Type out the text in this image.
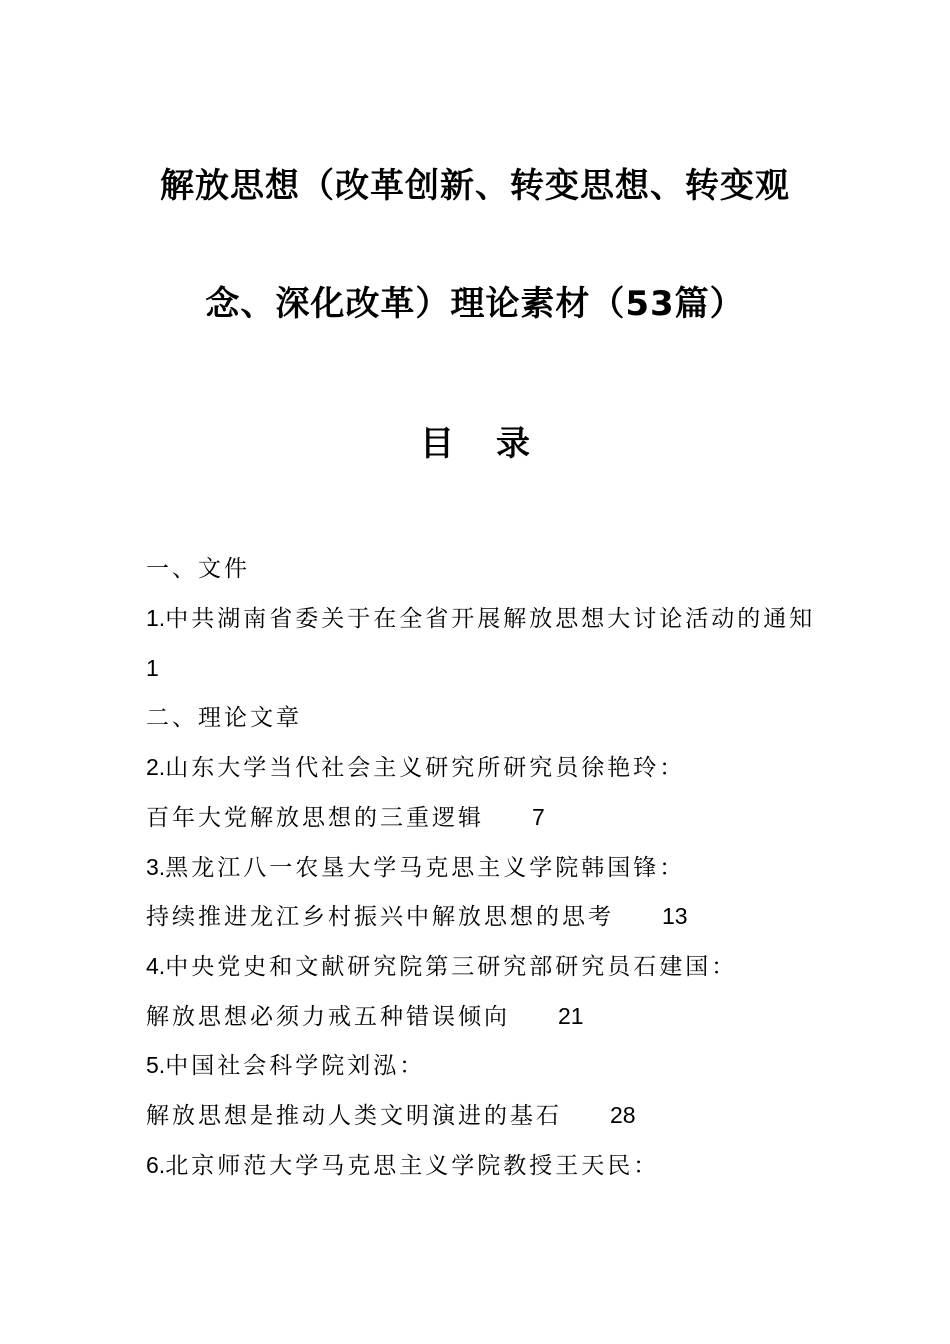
解放思想（改革创新、转变思想、转变观
念、深化改革）理论素材（53篇）
目 录
一、文件
1.中共湖南省委关于在全省开展解放思想大讨论活动的通知
1
二、理论文章
2.山东大学当代社会主义研究所研究员徐艳玲：
百年大党解放思想的三重逻辑 7
3.黑龙江八一农垦大学马克思主义学院韩国锋：
持续推进龙江乡村振兴中解放思想的思考 13
4.中央党史和文献研究院第三研究部研究员石建国：
解放思想必须力戒五种错误倾向 21
5.中国社会科学院刘泓：
解放思想是推动人类文明演进的基石 28
6.北京师范大学马克思主义学院教授王天民：
